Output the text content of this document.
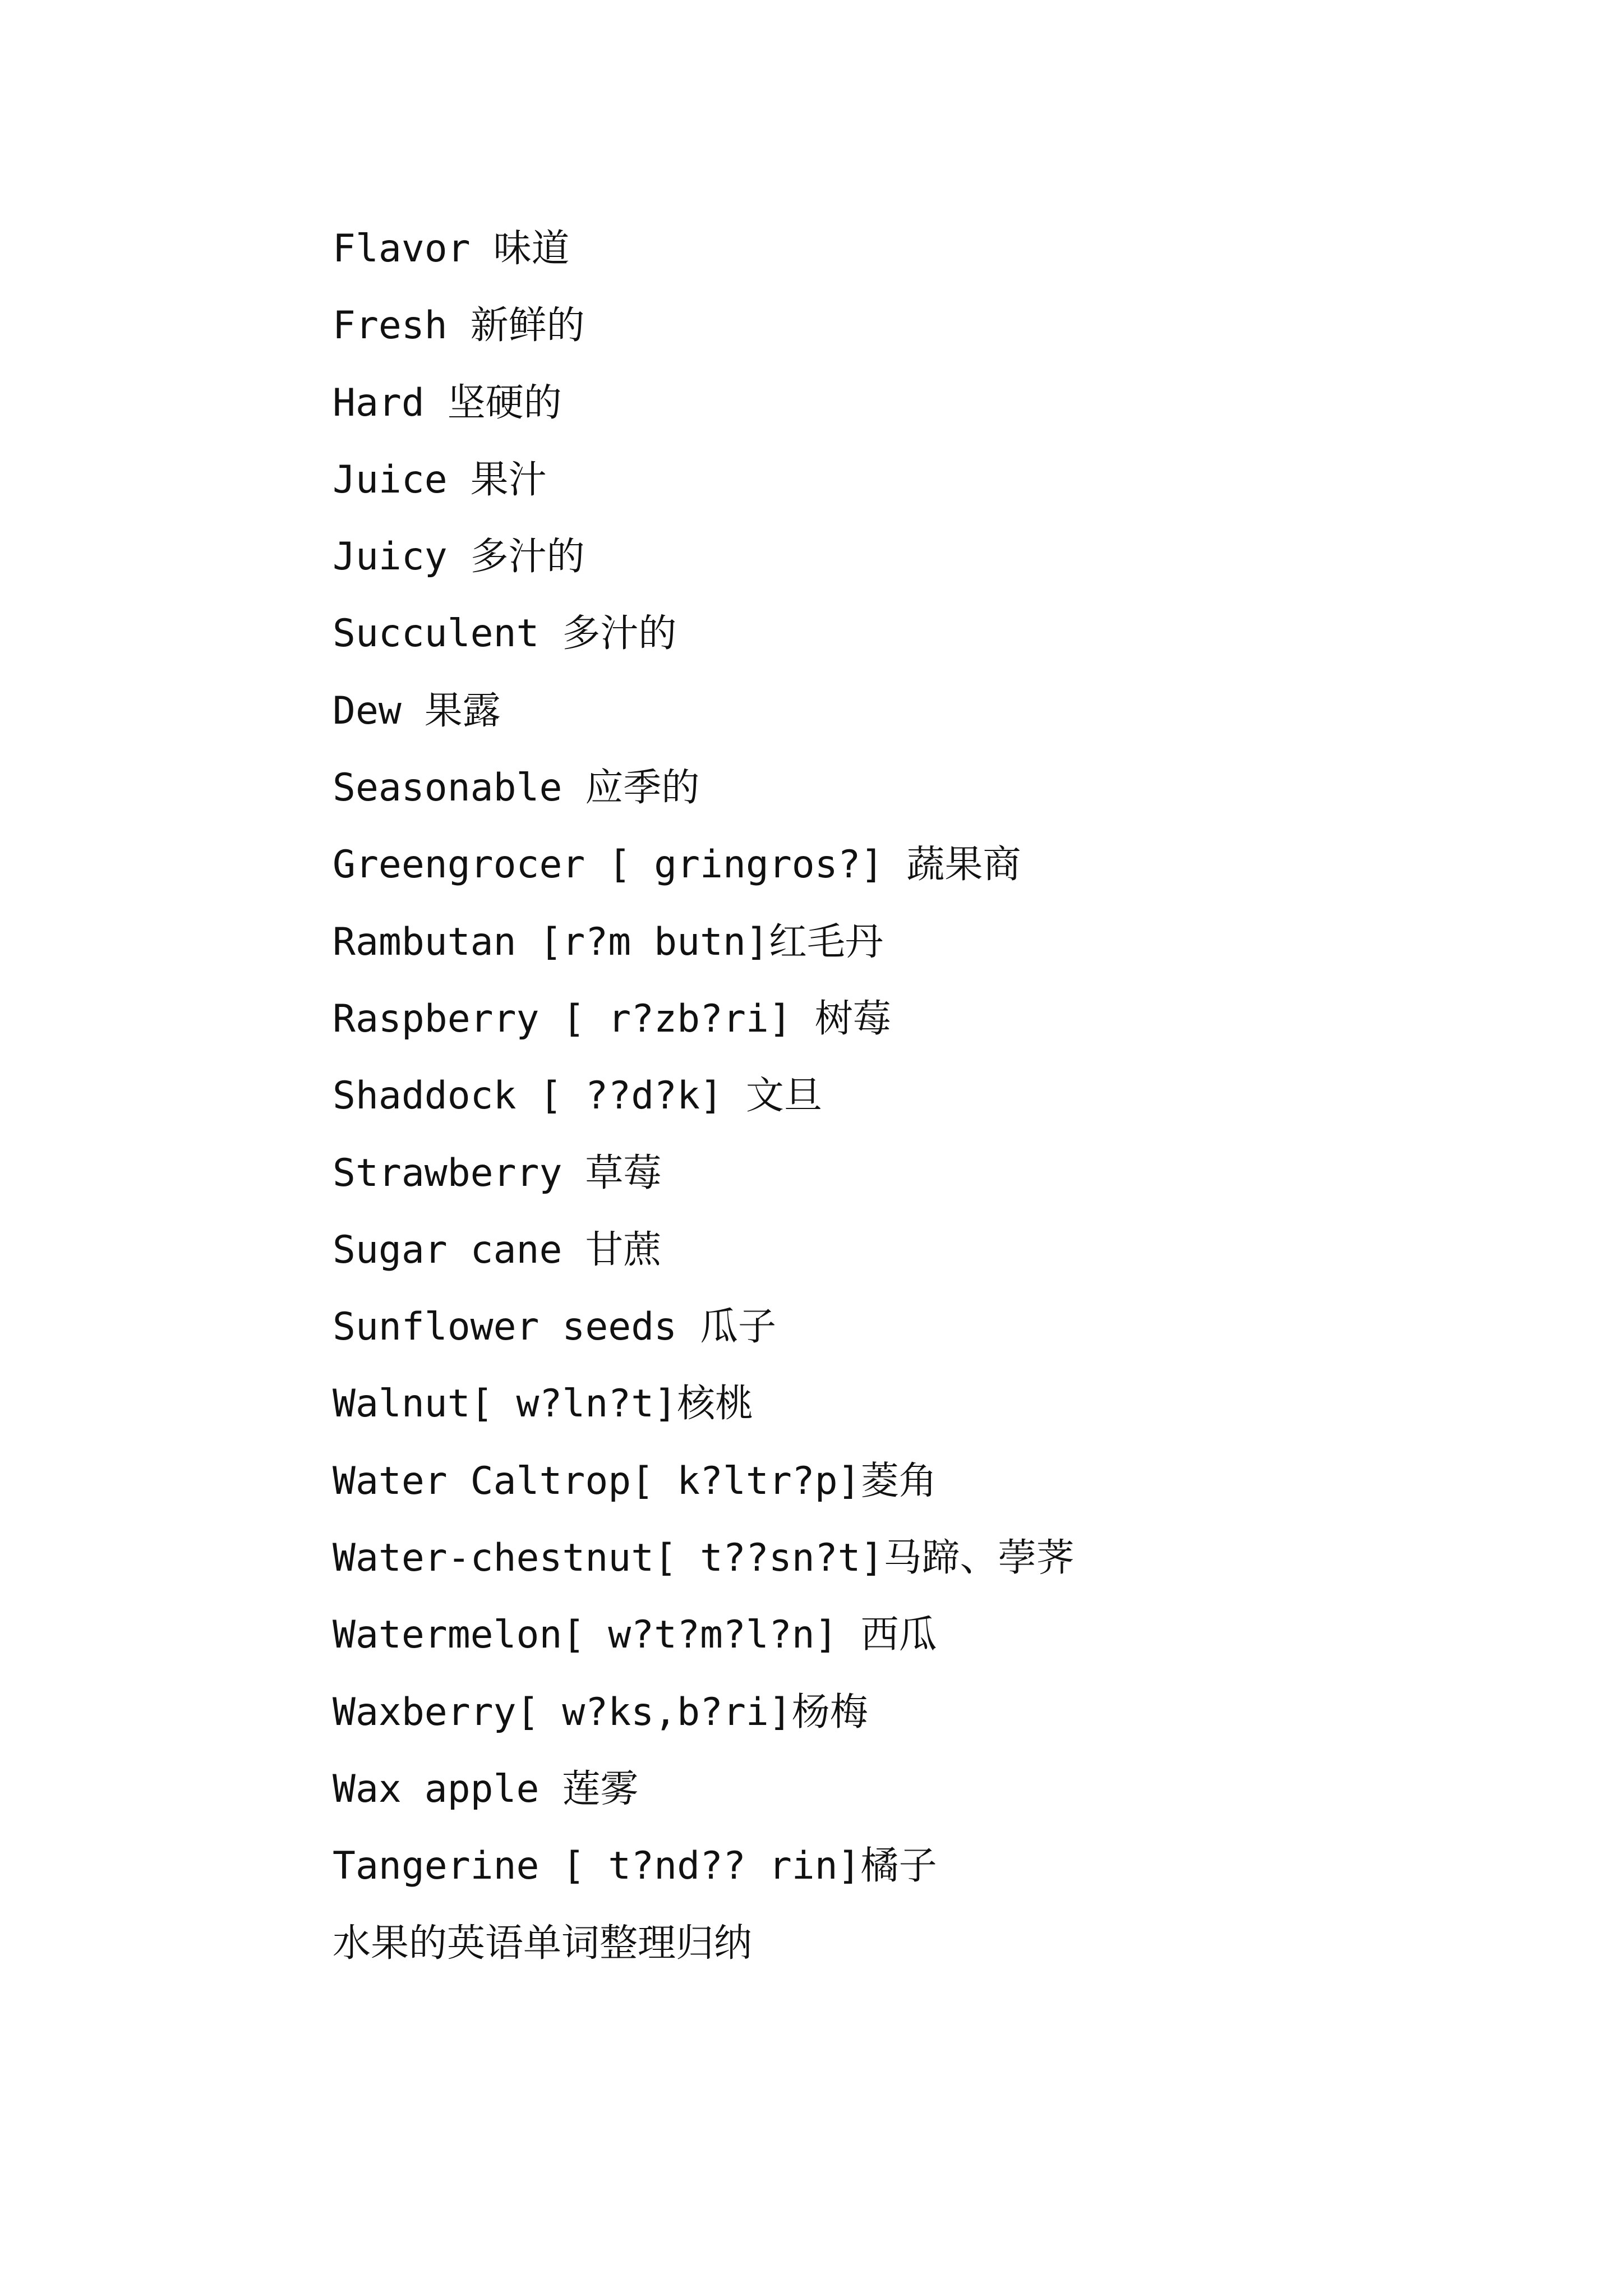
Flavor 味道
Fresh 新鲜的
Hard 坚硬的
Juice 果汁
Juicy 多汁的
Succulent 多汁的
Dew 果露
Seasonable 应季的
Greengrocer [ gringros?] 蔬果商
Rambutan [r?m butn]红毛丹
Raspberry [ r?zb?ri] 树莓
Shaddock [ ??d?k] 文旦
Strawberry 草莓
Sugar cane 甘蔗
Sunflower seeds 瓜子
Walnut[ w?ln?t]核桃
Water Caltrop[ k?ltr?p]菱角
Water-chestnut[ t??sn?t]马蹄、荸荠
Watermelon[ w?t?m?l?n] 西瓜
Waxberry[ w?ks,b?ri]杨梅
Wax apple 莲雾
Tangerine [ t?nd?? rin]橘子
水果的英语单词整理归纳
